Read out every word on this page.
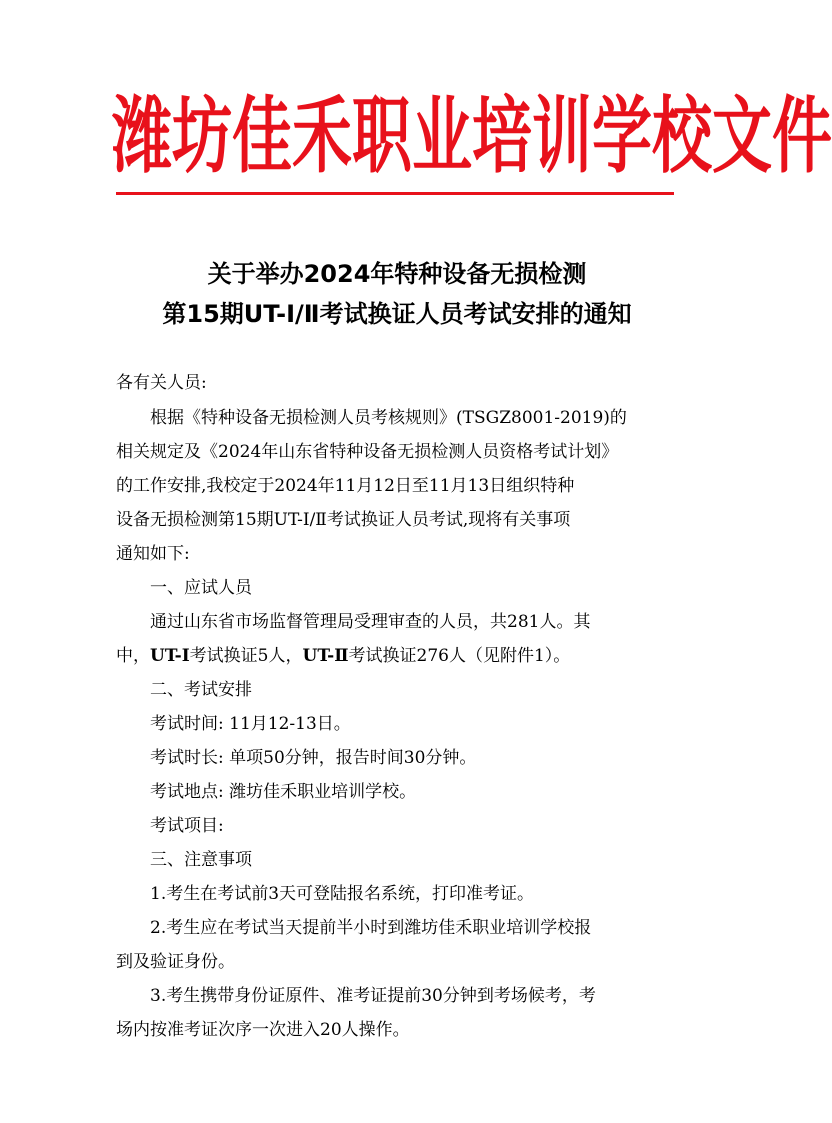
潍 坊 佳 禾 职 业 培 训 学 校 文 件
关于举办2024年特种设备无损检测
第15期UT-Ⅰ/Ⅱ考试换证人员考试安排的通知
各有关人员:
根据《特种设备无损检测人员考核规则》(TSGZ8001-2019)的
相关规定及《2024年山东省特种设备无损检测人员资格考试计划》
的工作安排,我校定于2024年11月12日至11月13日组织特种
设备无损检测第15期UT-Ⅰ/Ⅱ考试换证人员考试,现将有关事项
通知如下:
一、应试人员
通过山东省市场监督管理局受理审查的人员，共281人。其
中，UT-I考试换证5人，UT-Ⅱ考试换证276人（见附件1）。
二、考试安排
考试时间: 11月12-13日。
考试时长: 单项50分钟，报告时间30分钟。
考试地点: 潍坊佳禾职业培训学校。
考试项目:
三、注意事项
1.考生在考试前3天可登陆报名系统，打印准考证。
2.考生应在考试当天提前半小时到潍坊佳禾职业培训学校报
到及验证身份。
3.考生携带身份证原件、准考证提前30分钟到考场候考，考
场内按准考证次序一次进入20人操作。
